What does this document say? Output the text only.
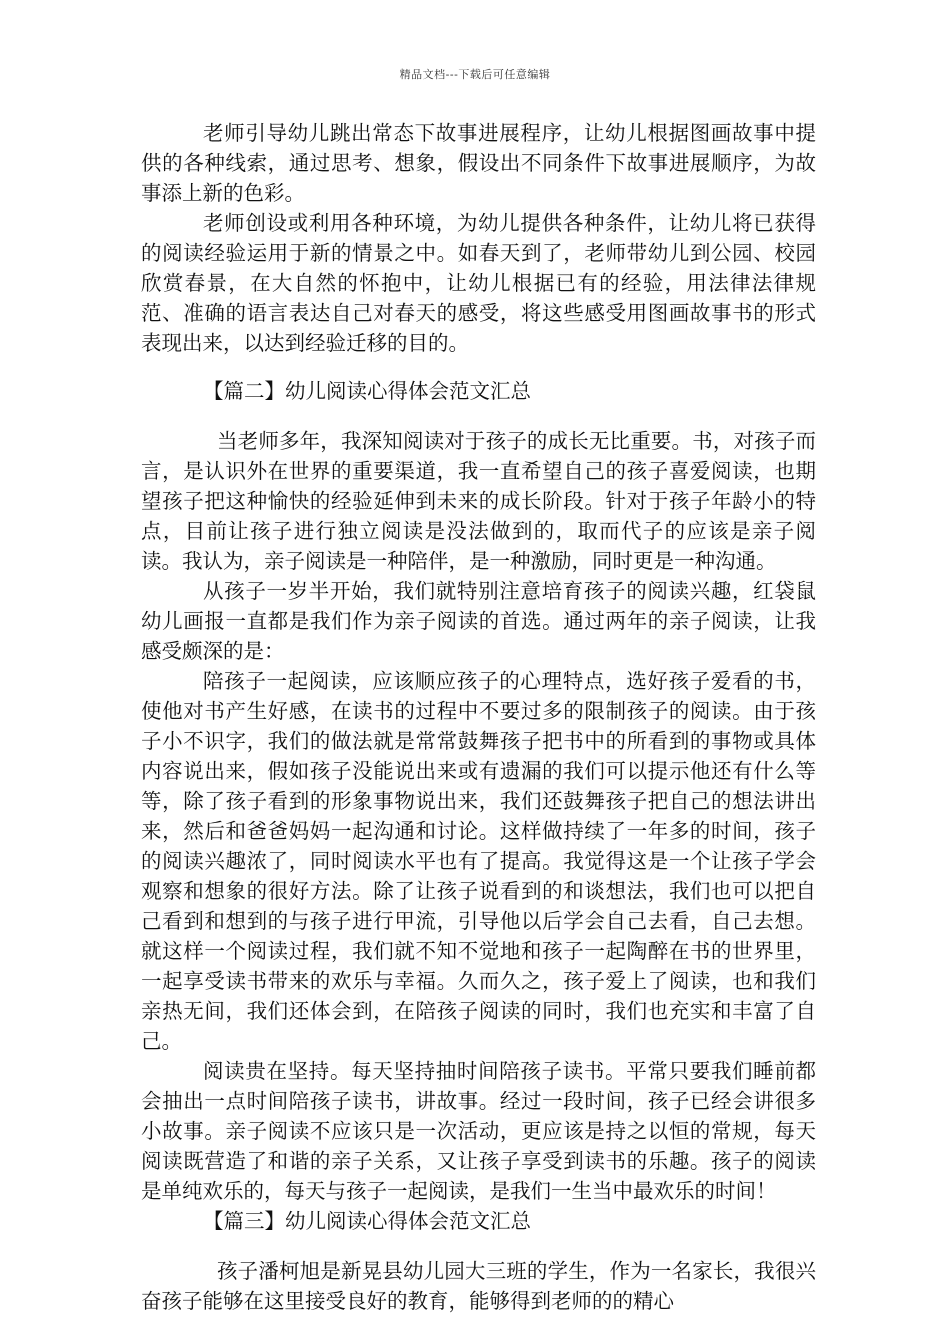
精品文档---下载后可任意编辑

老师引导幼儿跳出常态下故事进展程序，让幼儿根据图画故事中提供的各种线索，通过思考、想象，假设出不同条件下故事进展顺序，为故事添上新的色彩。

老师创设或利用各种环境，为幼儿提供各种条件，让幼儿将已获得的阅读经验运用于新的情景之中。如春天到了，老师带幼儿到公园、校园欣赏春景，在大自然的怀抱中，让幼儿根据已有的经验，用法律法律规范、准确的语言表达自己对春天的感受，将这些感受用图画故事书的形式表现出来，以达到经验迁移的目的。

【篇二】幼儿阅读心得体会范文汇总

当老师多年，我深知阅读对于孩子的成长无比重要。书，对孩子而言，是认识外在世界的重要渠道，我一直希望自己的孩子喜爱阅读，也期望孩子把这种愉快的经验延伸到未来的成长阶段。针对于孩子年龄小的特点，目前让孩子进行独立阅读是没法做到的，取而代子的应该是亲子阅读。我认为，亲子阅读是一种陪伴，是一种激励，同时更是一种沟通。

从孩子一岁半开始，我们就特别注意培育孩子的阅读兴趣，红袋鼠幼儿画报一直都是我们作为亲子阅读的首选。通过两年的亲子阅读，让我感受颇深的是：

陪孩子一起阅读，应该顺应孩子的心理特点，选好孩子爱看的书，使他对书产生好感，在读书的过程中不要过多的限制孩子的阅读。由于孩子小不识字，我们的做法就是常常鼓舞孩子把书中的所看到的事物或具体内容说出来，假如孩子没能说出来或有遗漏的我们可以提示他还有什么等等，除了孩子看到的形象事物说出来，我们还鼓舞孩子把自己的想法讲出来，然后和爸爸妈妈一起沟通和讨论。这样做持续了一年多的时间，孩子的阅读兴趣浓了，同时阅读水平也有了提高。我觉得这是一个让孩子学会观察和想象的很好方法。除了让孩子说看到的和谈想法，我们也可以把自己看到和想到的与孩子进行甲流，引导他以后学会自己去看，自己去想。就这样一个阅读过程，我们就不知不觉地和孩子一起陶醉在书的世界里，一起享受读书带来的欢乐与幸福。久而久之，孩子爱上了阅读，也和我们亲热无间，我们还体会到，在陪孩子阅读的同时，我们也充实和丰富了自己。

阅读贵在坚持。每天坚持抽时间陪孩子读书。平常只要我们睡前都会抽出一点时间陪孩子读书，讲故事。经过一段时间，孩子已经会讲很多小故事。亲子阅读不应该只是一次活动，更应该是持之以恒的常规，每天阅读既营造了和谐的亲子关系，又让孩子享受到读书的乐趣。孩子的阅读是单纯欢乐的，每天与孩子一起阅读，是我们一生当中最欢乐的时间！

【篇三】幼儿阅读心得体会范文汇总

孩子潘柯旭是新晃县幼儿园大三班的学生，作为一名家长，我很兴奋孩子能够在这里接受良好的教育，能够得到老师的的精心
